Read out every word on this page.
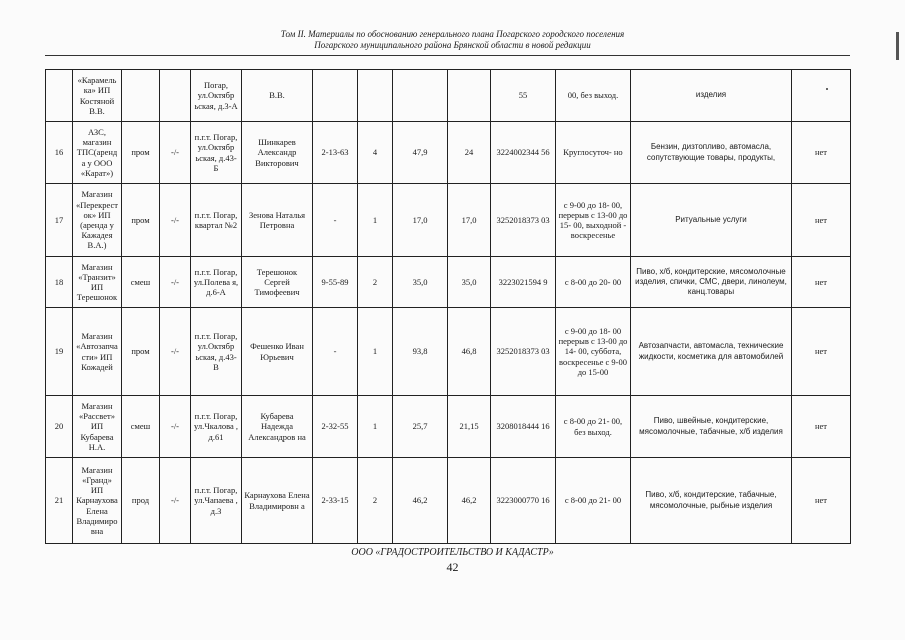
Том II. Материалы по обоснованию генерального плана Погарского городского поселения
Погарского муниципального района Брянской области в новой редакции
	«Карамель ка» ИП Костяной В.В.			Погар, ул.Октябр ьская, д.3-А	В.В.					55	00, без выход.	изделия	
16	АЗС, магазин ТПС(аренд а у ООО «Карат»)	пром	-/-	п.г.т. Погар, ул.Октябр ьская, д.43-Б	Шинкарев Александр Викторович	2-13-63	4	47,9	24	3224002344 56	Круглосуточ- но	Бензин, дизтопливо, автомасла, сопутствующие товары, продукты,	нет
17	Магазин «Перекрест ок» ИП (аренда у Кажадея В.А.)	пром	-/-	п.г.т. Погар, квартал №2	Зенова Наталья Петровна	-	1	17,0	17,0	3252018373 03	с 9-00 до 18- 00, перерыв с 13-00 до 15- 00, выходной - воскресенье	Ритуальные услуги	нет
18	Магазин «Транзит» ИП Терешонок	смеш	-/-	п.г.т. Погар, ул.Полева я, д.6-А	Терешонок Сергей Тимофеевич	9-55-89	2	35,0	35,0	3223021594 9	с 8-00 до 20- 00	Пиво, х/б, кондитерские, мясомолочные изделия, спички, СМС, двери, линолеум, канц.товары	нет
19	Магазин «Автозапча сти» ИП Кожадей	пром	-/-	п.г.т. Погар, ул.Октябр ьская, д.43-В	Фешенко Иван Юрьевич	-	1	93,8	46,8	3252018373 03	с 9-00 до 18- 00 перерыв с 13-00 до 14- 00, суббота, воскресенье с 9-00 до 15-00	Автозапчасти, автомасла, технические жидкости, косметика для автомобилей	нет
20	Магазин «Рассвет» ИП Кубарева Н.А.	смеш	-/-	п.г.т. Погар, ул.Чкалова , д.61	Кубарева Надежда Александров на	2-32-55	1	25,7	21,15	3208018444 16	с 8-00 до 21- 00, без выход.	Пиво, швейные, кондитерские, мясомолочные, табачные, х/б изделия	нет
21	Магазин «Гранд» ИП Карнаухова Елена Владимиро вна	прод	-/-	п.г.т. Погар, ул.Чапаева , д.3	Карнаухова Елена Владимировн а	2-33-15	2	46,2	46,2	3223000770 16	с 8-00 до 21- 00	Пиво, х/б, кондитерские, табачные, мясомолочные, рыбные изделия	нет
ООО «ГРАДОСТРОИТЕЛЬСТВО И КАДАСТР»
42
